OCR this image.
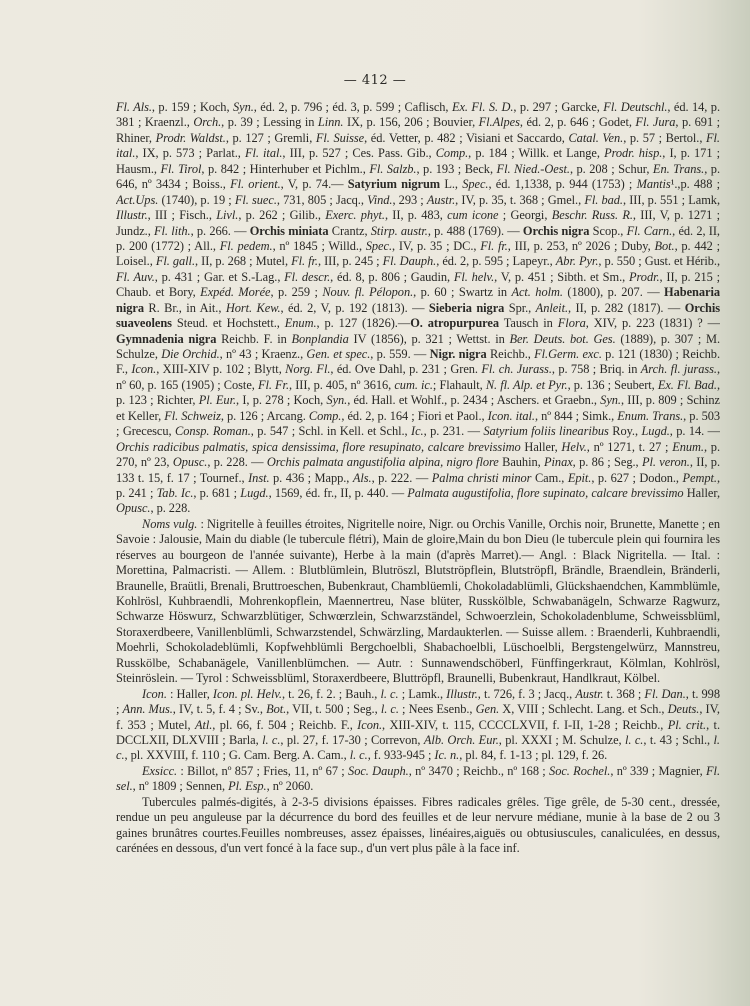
— 412 —

Fl. Als., p. 159 ; Koch, Syn., éd. 2, p. 796 ; éd. 3, p. 599 ; Caflisch, Ex. Fl. S. D., p. 297 ; Garcke, Fl. Deutschl., éd. 14, p. 381 ; Kraenzl., Orch., p. 39 ; Lessing in Linn. IX, p. 156, 206 ; Bouvier, Fl.Alpes, éd. 2, p. 646 ; Godet, Fl. Jura, p. 691 ; Rhiner, Prodr. Waldst., p. 127 ; Gremli, Fl. Suisse, éd. Vetter, p. 482 ; Visiani et Saccardo, Catal. Ven., p. 57 ; Bertol., Fl. ital., IX, p. 573 ; Parlat., Fl. ital., III, p. 527 ; Ces. Pass. Gib., Comp., p. 184 ; Willk. et Lange, Prodr. hisp., I, p. 171 ; Hausm., Fl. Tirol, p. 842 ; Hinterhuber et Pichlm., Fl. Salzb., p. 193 ; Beck, Fl. Nied.-Oest., p. 208 ; Schur, En. Trans., p. 646, nº 3434 ; Boiss., Fl. orient., V, p. 74.— Satyrium nigrum L., Spec., éd. 1,1338, p. 944 (1753) ; Mantis¹.,p. 488 ; Act.Ups. (1740), p. 19 ; Fl. suec., 731, 805 ; Jacq., Vind., 293 ; Austr., IV, p. 35, t. 368 ; Gmel., Fl. bad., III, p. 551 ; Lamk, Illustr., III ; Fisch., Livl., p. 262 ; Gilib., Exerc. phyt., II, p. 483, cum icone ; Georgi, Beschr. Russ. R., III, V, p. 1271 ; Jundz., Fl. lith., p. 266. — Orchis miniata Crantz, Stirp. austr., p. 488 (1769). — Orchis nigra Scop., Fl. Carn., éd. 2, II, p. 200 (1772) ; All., Fl. pedem., nº 1845 ; Willd., Spec., IV, p. 35 ; DC., Fl. fr., III, p. 253, nº 2026 ; Duby, Bot., p. 442 ; Loisel., Fl. gall., II, p. 268 ; Mutel, Fl. fr., III, p. 245 ; Fl. Dauph., éd. 2, p. 595 ; Lapeyr., Abr. Pyr., p. 550 ; Gust. et Hérib., Fl. Auv., p. 431 ; Gar. et S.-Lag., Fl. descr., éd. 8, p. 806 ; Gaudin, Fl. helv., V, p. 451 ; Sibth. et Sm., Prodr., II, p. 215 ; Chaub. et Bory, Expéd. Morée, p. 259 ; Nouv. fl. Pélopon., p. 60 ; Swartz in Act. holm. (1800), p. 207. — Habenaria nigra R. Br., in Ait., Hort. Kew., éd. 2, V, p. 192 (1813). — Sieberia nigra Spr., Anleit., II, p. 282 (1817). — Orchis suaveolens Steud. et Hochstett., Enum., p. 127 (1826).—O. atropurpurea Tausch in Flora, XIV, p. 223 (1831) ? — Gymnadenia nigra Reichb. F. in Bonplandia IV (1856), p. 321 ; Wettst. in Ber. Deuts. bot. Ges. (1889), p. 307 ; M. Schulze, Die Orchid., nº 43 ; Kraenz., Gen. et spec., p. 559. — Nigr. nigra Reichb., Fl.Germ. exc. p. 121 (1830) ; Reichb. F., Icon., XIII-XIV p. 102 ; Blytt, Norg. Fl., éd. Ove Dahl, p. 231 ; Gren. Fl. ch. Jurass., p. 758 ; Briq. in Arch. fl. jurass., nº 60, p. 165 (1905) ; Coste, Fl. Fr., III, p. 405, nº 3616, cum. ic.; Flahault, N. fl. Alp. et Pyr., p. 136 ; Seubert, Ex. Fl. Bad., p. 123 ; Richter, Pl. Eur., I, p. 278 ; Koch, Syn., éd. Hall. et Wohlf., p. 2434 ; Aschers. et Graebn., Syn., III, p. 809 ; Schinz et Keller, Fl. Schweiz, p. 126 ; Arcang. Comp., éd. 2, p. 164 ; Fiori et Paol., Icon. ital., nº 844 ; Simk., Enum. Trans., p. 503 ; Grecescu, Consp. Roman., p. 547 ; Schl. in Kell. et Schl., Ic., p. 231. — Satyrium foliis linearibus Roy., Lugd., p. 14. — Orchis radicibus palmatis, spica densissima, flore resupinato, calcare brevissimo Haller, Helv., nº 1271, t. 27 ; Enum., p. 270, nº 23, Opusc., p. 228. — Orchis palmata angustifolia alpina, nigro flore Bauhin, Pinax, p. 86 ; Seg., Pl. veron., II, p. 133 t. 15, f. 17 ; Tournef., Inst. p. 436 ; Mapp., Als., p. 222. — Palma christi minor Cam., Epit., p. 627 ; Dodon., Pempt., p. 241 ; Tab. Ic., p. 681 ; Lugd., 1569, éd. fr., II, p. 440. — Palmata augustifolia, flore supinato, calcare brevissimo Haller, Opusc., p. 228.

Noms vulg. : Nigritelle à feuilles étroites, Nigritelle noire, Nigr. ou Orchis Vanille, Orchis noir, Brunette, Manette ; en Savoie : Jalousie, Main du diable (le tubercule flétri), Main de gloire,Main du bon Dieu (le tubercule plein qui fournira les réserves au bourgeon de l'année suivante), Herbe à la main (d'après Marret).— Angl. : Black Nigritella. — Ital. : Morettina, Palmacristi. — Allem. : Blutblümlein, Blutröszl, Blutströpflein, Blutströpfl, Brändle, Braendlein, Bränderli, Braunelle, Braütli, Brenali, Bruttroeschen, Bubenkraut, Chamblüemli, Chokoladablümli, Glückshaendchen, Kammblümle, Kohlrösl, Kuhbraendli, Mohrenkopflein, Maennertreu, Nase blüter, Russkölble, Schwabanägeln, Schwarze Ragwurz, Schwarze Höswurz, Schwarzblütiger, Schwœrzlein, Schwarzständel, Schwoerzlein, Schokoladenblume, Schweissblüml, Storaxerdbeere, Vanillenblümli, Schwarzstendel, Schwärzling, Mardaukterlen. — Suisse allem. : Braenderli, Kuhbraendli, Moehrli, Schokoladeblümli, Kopfwehblümli Bergchoelbli, Shabachoelbli, Lüschoelbli, Bergstengelwürz, Mannstreu, Russkölbe, Schabanägele, Vanillenblümchen. — Autr. : Sunnawendschöberl, Fünffingerkraut, Kölmlan, Kohlrösl, Steinröslein. — Tyrol : Schweissblüml, Storaxerdbeere, Bluttröpfl, Braunelli, Bubenkraut, Handlkraut, Kölbel.

Icon. : Haller, Icon. pl. Helv., t. 26, f. 2. ; Bauh., l. c. ; Lamk., Illustr., t. 726, f. 3 ; Jacq., Austr. t. 368 ; Fl. Dan., t. 998 ; Ann. Mus., IV, t. 5, f. 4 ; Sv., Bot., VII, t. 500 ; Seg., l. c. ; Nees Esenb., Gen. X, VIII ; Schlecht. Lang. et Sch., Deuts., IV, f. 353 ; Mutel, Atl., pl. 66, f. 504 ; Reichb. F., Icon., XIII-XIV, t. 115, CCCCLXVII, f. I-II, 1-28 ; Reichb., Pl. crit., t. DCCLXII, DLXVIII ; Barla, l. c., pl. 27, f. 17-30 ; Correvon, Alb. Orch. Eur., pl. XXXI ; M. Schulze, l. c., t. 43 ; Schl., l. c., pl. XXVIII, f. 110 ; G. Cam. Berg. A. Cam., l. c., f. 933-945 ; Ic. n., pl. 84, f. 1-13 ; pl. 129, f. 26.

Exsicc. : Billot, nº 857 ; Fries, 11, nº 67 ; Soc. Dauph., nº 3470 ; Reichb., nº 168 ; Soc. Rochel., nº 339 ; Magnier, Fl. sel., nº 1809 ; Sennen, Pl. Esp., nº 2060.

Tubercules palmés-digités, à 2-3-5 divisions épaisses. Fibres radicales grêles. Tige grêle, de 5-30 cent., dressée, rendue un peu anguleuse par la décurrence du bord des feuilles et de leur nervure médiane, munie à la base de 2 ou 3 gaines brunâtres courtes.Feuilles nombreuses, assez épaisses, linéaires,aiguës ou obtusiuscules, canaliculées, en dessus, carénées en dessous, d'un vert foncé à la face sup., d'un vert plus pâle à la face inf.
